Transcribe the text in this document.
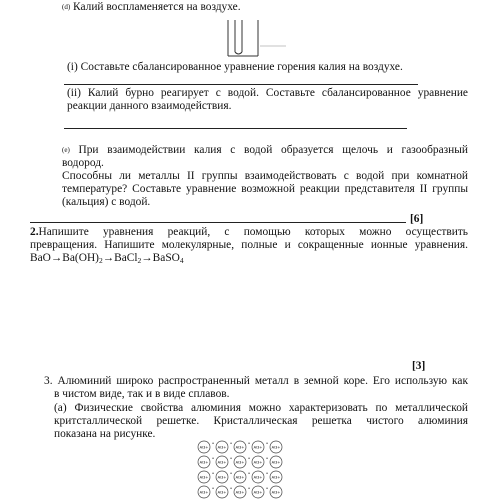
(d) Калий воспламеняется на воздухе.
(i) Составьте сбалансированное уравнение горения калия на воздухе.
(ii) Калий бурно реагирует с водой. Составьте сбалансированное уравнение
реакции данного взаимодействия.
(e) При взаимодействии калия с водой образуется щелочь и газообразный
водород.
Способны ли металлы II группы взаимодействовать с водой при комнатной
температуре? Составьте уравнение возможной реакции представителя II группы
(кальция) с водой.
[6]
2.Напишите уравнения реакций, с помощью которых можно осуществить
превращения. Напишите молекулярные, полные и сокращенные ионные уравнения.
$BaO\to Ba(OH)_2\to BaCl_2\to BaSO_4$
[3]
3. Алюминий широко распространенный металл в земной коре. Его использую как
в чистом виде, так и в виде сплавов.
(а) Физические свойства алюминия можно характеризовать по металлической
критсталлической решетке. Кристаллическая решетка чистого алюминия
показана на рисунке.
Al3+
e
Al3+
e
Al3+
e
Al3+
e
Al3+
Al3+
e
Al3+
e
Al3+
e
Al3+
e
Al3+
Al3+
e
Al3+
e
Al3+
e
Al3+
e
Al3+
Al3+
e
Al3+
e
Al3+
e
Al3+
e
Al3+
